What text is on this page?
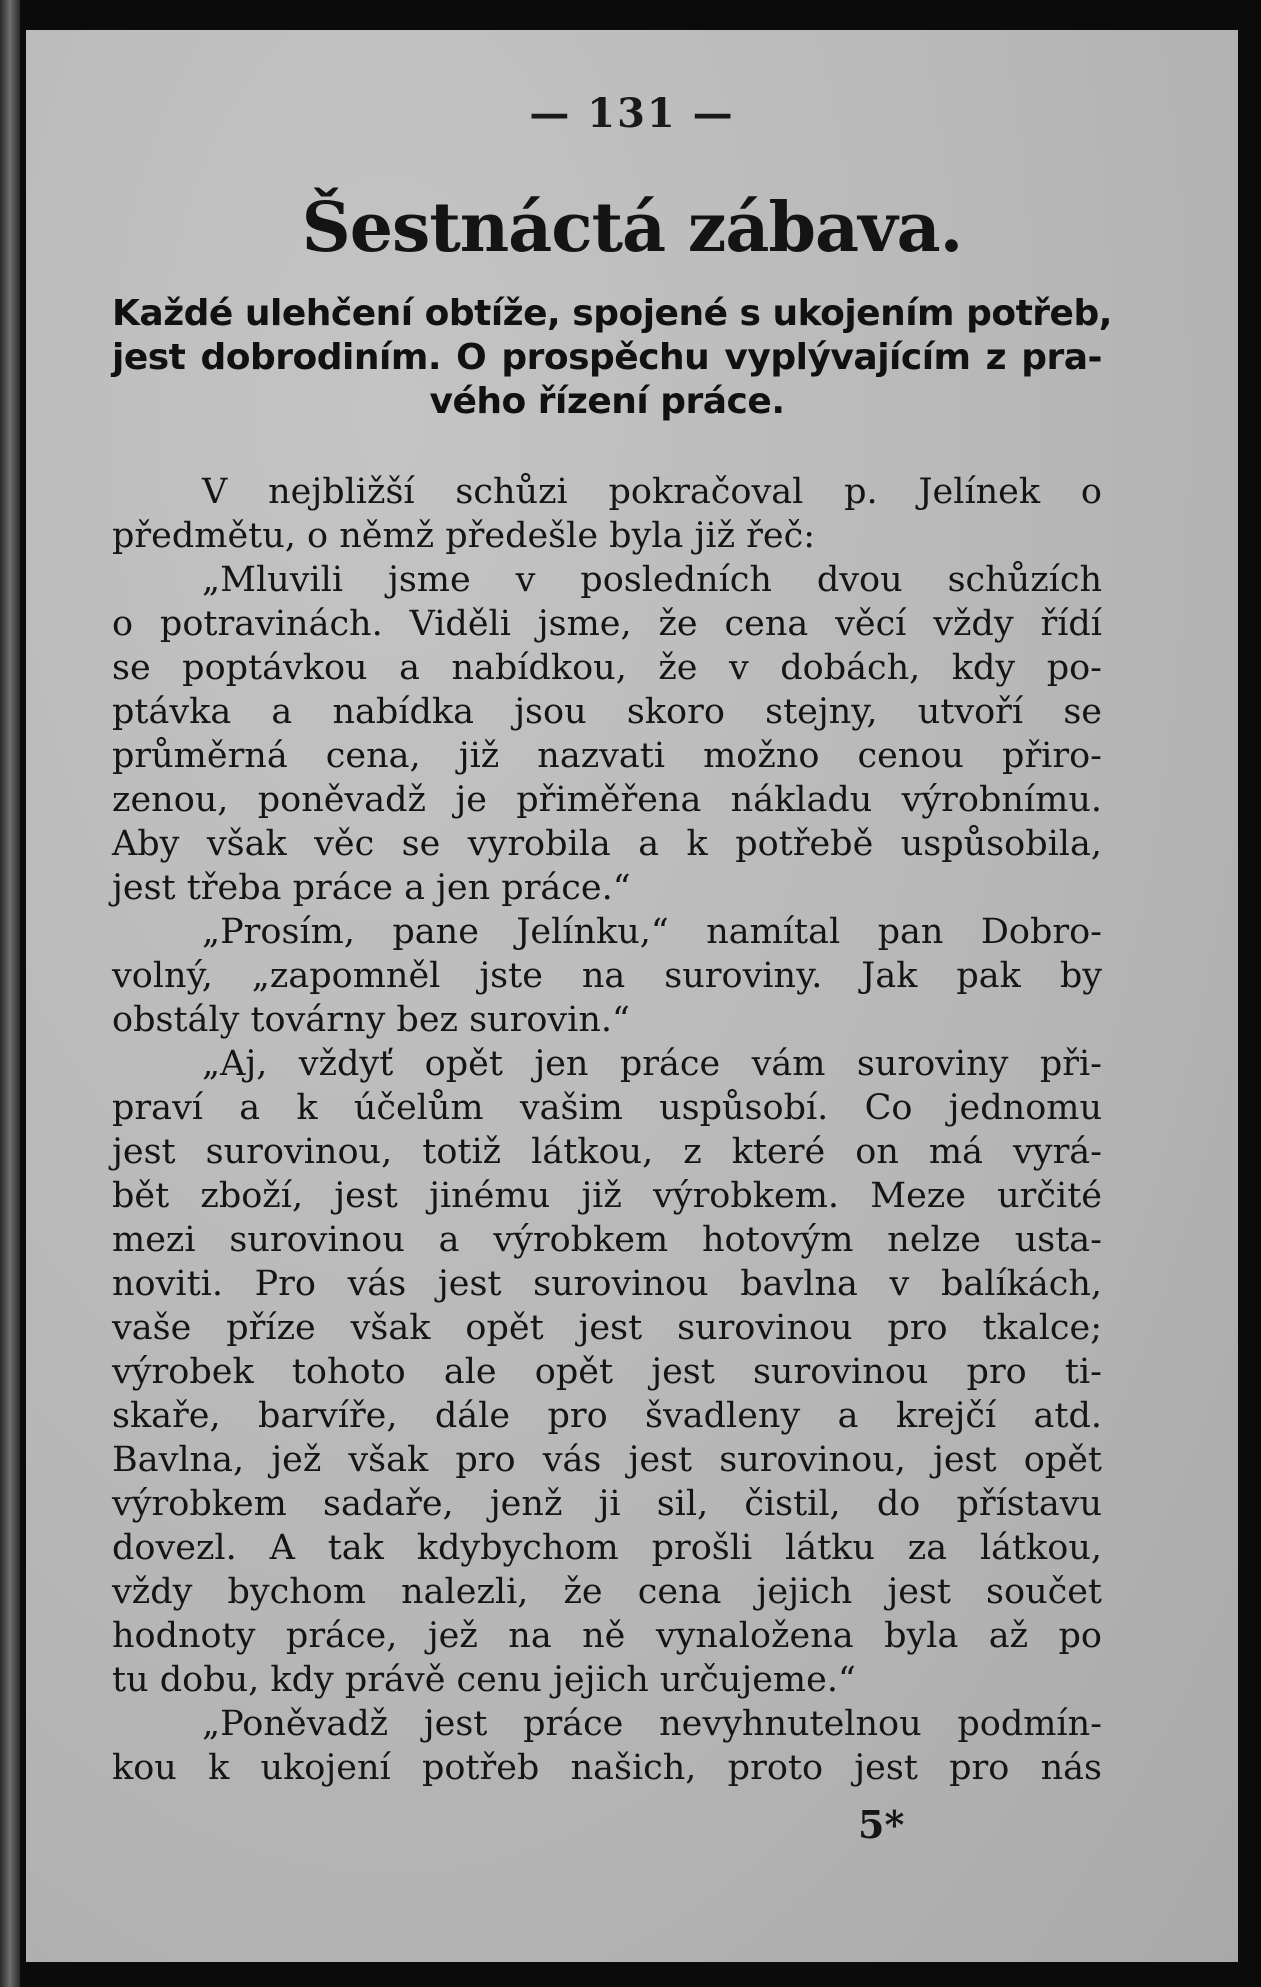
— 131 —
Šestnáctá zábava.
Každé ulehčení obtíže, spojené s ukojením potřeb,
jest dobrodiním. O prospěchu vyplývajícím z pra-
vého řízení práce.
V nejbližší schůzi pokračoval p. Jelínek o
předmětu, o němž předešle byla již řeč:
„Mluvili jsme v posledních dvou schůzích
o potravinách. Viděli jsme, že cena věcí vždy řídí
se poptávkou a nabídkou, že v dobách, kdy po-
ptávka a nabídka jsou skoro stejny, utvoří se
průměrná cena, již nazvati možno cenou přiro-
zenou, poněvadž je přiměřena nákladu výrobnímu.
Aby však věc se vyrobila a k potřebě uspůsobila,
jest třeba práce a jen práce.“
„Prosím, pane Jelínku,“ namítal pan Dobro-
volný, „zapomněl jste na suroviny. Jak pak by
obstály továrny bez surovin.“
„Aj, vždyť opět jen práce vám suroviny při-
praví a k účelům vašim uspůsobí. Co jednomu
jest surovinou, totiž látkou, z které on má vyrá-
bět zboží, jest jinému již výrobkem. Meze určité
mezi surovinou a výrobkem hotovým nelze usta-
noviti. Pro vás jest surovinou bavlna v balíkách,
vaše příze však opět jest surovinou pro tkalce;
výrobek tohoto ale opět jest surovinou pro ti-
skaře, barvíře, dále pro švadleny a krejčí atd.
Bavlna, jež však pro vás jest surovinou, jest opět
výrobkem sadaře, jenž ji sil, čistil, do přístavu
dovezl. A tak kdybychom prošli látku za látkou,
vždy bychom nalezli, že cena jejich jest součet
hodnoty práce, jež na ně vynaložena byla až po
tu dobu, kdy právě cenu jejich určujeme.“
„Poněvadž jest práce nevyhnutelnou podmín-
kou k ukojení potřeb našich, proto jest pro nás
5*
